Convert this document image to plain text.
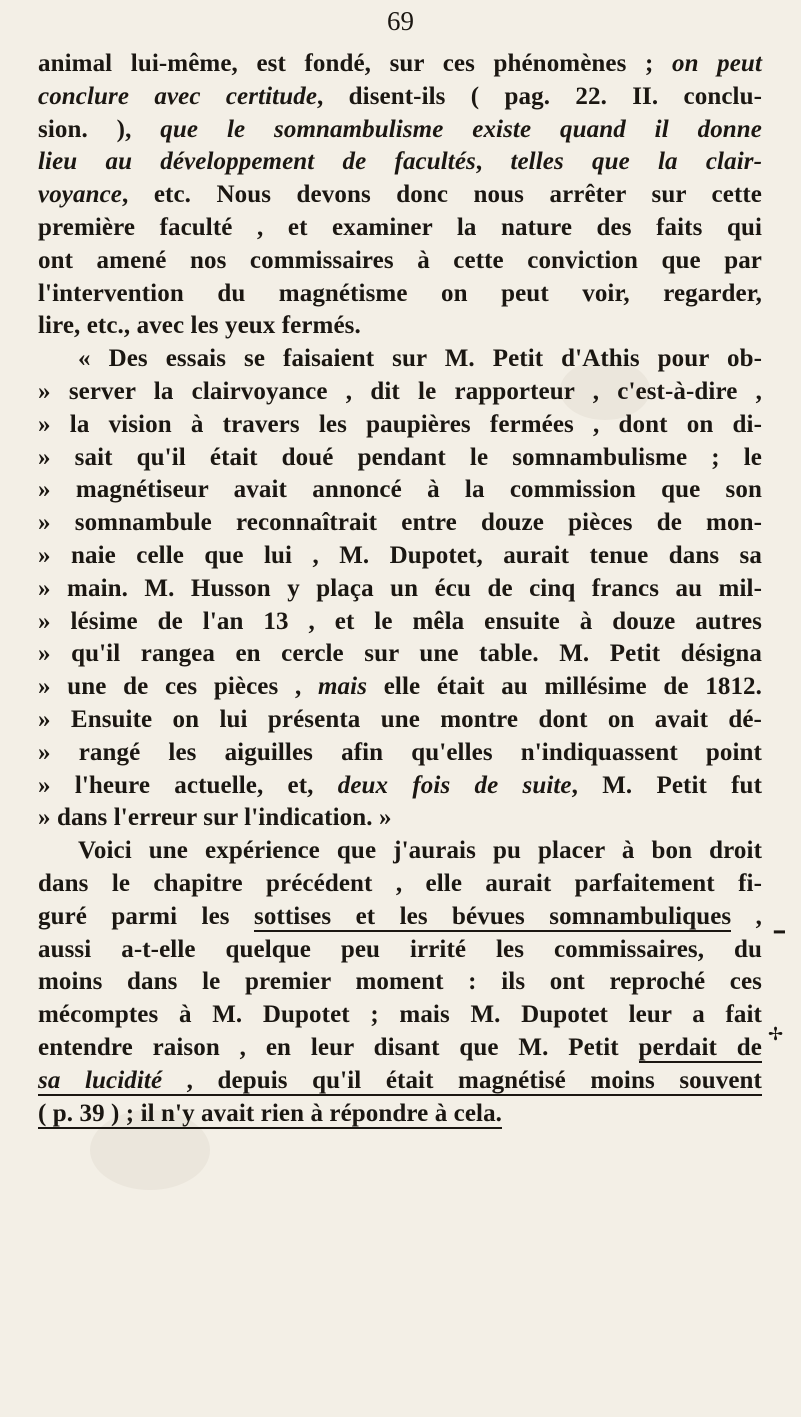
69
animal lui-même, est fondé, sur ces phénomènes ; on peut
conclure avec certitude, disent-ils ( pag. 22. II. conclu-
sion. ), que le somnambulisme existe quand il donne
lieu au développement de facultés, telles que la clair-
voyance, etc. Nous devons donc nous arrêter sur cette
première faculté , et examiner la nature des faits qui
ont amené nos commissaires à cette conviction que par
l'intervention du magnétisme on peut voir, regarder,
lire, etc., avec les yeux fermés.
« Des essais se faisaient sur M. Petit d'Athis pour ob-
» server la clairvoyance , dit le rapporteur , c'est-à-dire ,
» la vision à travers les paupières fermées , dont on di-
» sait qu'il était doué pendant le somnambulisme ; le
» magnétiseur avait annoncé à la commission que son
» somnambule reconnaîtrait entre douze pièces de mon-
» naie celle que lui , M. Dupotet, aurait tenue dans sa
» main. M. Husson y plaça un écu de cinq francs au mil-
» lésime de l'an 13 , et le mêla ensuite à douze autres
» qu'il rangea en cercle sur une table. M. Petit désigna
» une de ces pièces , mais elle était au millésime de 1812.
» Ensuite on lui présenta une montre dont on avait dé-
» rangé les aiguilles afin qu'elles n'indiquassent point
» l'heure actuelle, et, deux fois de suite, M. Petit fut
» dans l'erreur sur l'indication. »
Voici une expérience que j'aurais pu placer à bon droit
dans le chapitre précédent , elle aurait parfaitement fi-
guré parmi les sottises et les bévues somnambuliques ,
aussi a-t-elle quelque peu irrité les commissaires, du
moins dans le premier moment : ils ont reproché ces
mécomptes à M. Dupotet ; mais M. Dupotet leur a fait
entendre raison , en leur disant que M. Petit perdait de
sa lucidité , depuis qu'il était magnétisé moins souvent
( p. 39 ) ; il n'y avait rien à répondre à cela.
━
✢
